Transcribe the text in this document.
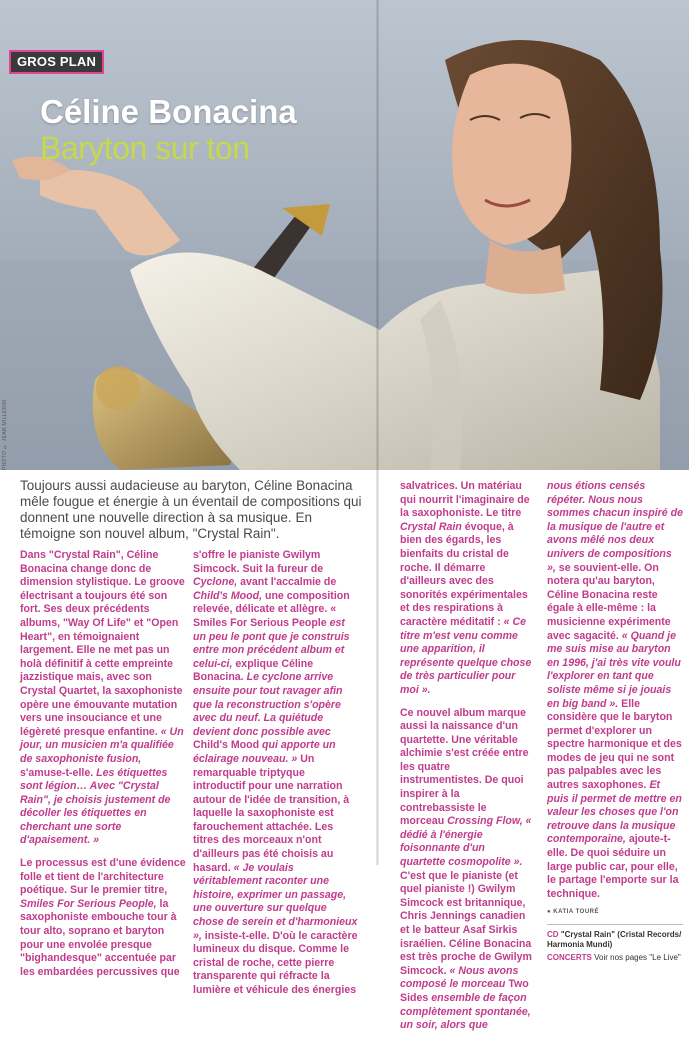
GROS PLAN
Céline Bonacina
Baryton sur ton
PHOTO © JEAN MILLERIN

Toujours aussi audacieuse au baryton, Céline Bonacina mêle fougue et énergie à un éventail de compositions qui donnent une nouvelle direction à sa musique. En témoigne son nouvel album, "Crystal Rain".

Dans "Crystal Rain", Céline Bonacina change donc de dimension stylistique. Le groove électrisant a toujours été son fort. Ses deux précédents albums, "Way Of Life" et "Open Heart", en témoignaient largement. Elle ne met pas un holà définitif à cette empreinte jazzistique mais, avec son Crystal Quartet, la saxophoniste opère une émouvante mutation vers une insouciance et une légèreté presque enfantine. « Un jour, un musicien m'a qualifiée de saxophoniste fusion, s'amuse-t-elle. Les étiquettes sont légion… Avec "Crystal Rain", je choisis justement de décoller les étiquettes en cherchant une sorte d'apaisement. »

Le processus est d'une évidence folle et tient de l'architecture poétique. Sur le premier titre, Smiles For Serious People, la saxophoniste embouche tour à tour alto, soprano et baryton pour une envolée presque "bighandesque" accentuée par les embardées percussives que

s'offre le pianiste Gwilym Simcock. Suit la fureur de Cyclone, avant l'accalmie de Child's Mood, une composition relevée, délicate et allègre. « Smiles For Serious People est un peu le pont que je construis entre mon précédent album et celui-ci, explique Céline Bonacina. Le cyclone arrive ensuite pour tout ravager afin que la reconstruction s'opère avec du neuf. La quiétude devient donc possible avec Child's Mood qui apporte un éclairage nouveau. » Un remarquable triptyque introductif pour une narration autour de l'idée de transition, à laquelle la saxophoniste est farouchement attachée. Les titres des morceaux n'ont d'ailleurs pas été choisis au hasard. « Je voulais véritablement raconter une histoire, exprimer un passage, une ouverture sur quelque chose de serein et d'harmonieux », insiste-t-elle. D'où le caractère lumineux du disque. Comme le cristal de roche, cette pierre transparente qui réfracte la lumière et véhicule des énergies

salvatrices. Un matériau qui nourrit l'imaginaire de la saxophoniste. Le titre Crystal Rain évoque, à bien des égards, les bienfaits du cristal de roche. Il démarre d'ailleurs avec des sonorités expérimentales et des respirations à caractère méditatif : « Ce titre m'est venu comme une apparition, il représente quelque chose de très particulier pour moi ».

Ce nouvel album marque aussi la naissance d'un quartette. Une véritable alchimie s'est créée entre les quatre instrumentistes. De quoi inspirer à la contrebassiste le morceau Crossing Flow, « dédié à l'énergie foisonnante d'un quartette cosmopolite ». C'est que le pianiste (et quel pianiste !) Gwilym Simcock est britannique, Chris Jennings canadien et le batteur Asaf Sirkis israélien. Céline Bonacina est très proche de Gwilym Simcock. « Nous avons composé le morceau Two Sides ensemble de façon complètement spontanée, un soir, alors que

nous étions censés répéter. Nous nous sommes chacun inspiré de la musique de l'autre et avons mêlé nos deux univers de compositions », se souvient-elle. On notera qu'au baryton, Céline Bonacina reste égale à elle-même : la musicienne expérimente avec sagacité. « Quand je me suis mise au baryton en 1996, j'ai très vite voulu l'explorer en tant que soliste même si je jouais en big band ». Elle considère que le baryton permet d'explorer un spectre harmonique et des modes de jeu qui ne sont pas palpables avec les autres saxophones. Et puis il permet de mettre en valeur les choses que l'on retrouve dans la musique contemporaine, ajoute-t-elle. De quoi séduire un large public car, pour elle, le partage l'emporte sur la technique.

● KATIA TOURÉ
CD "Crystal Rain" (Cristal Records/ Harmonia Mundi)
CONCERTS Voir nos pages "Le Live"
